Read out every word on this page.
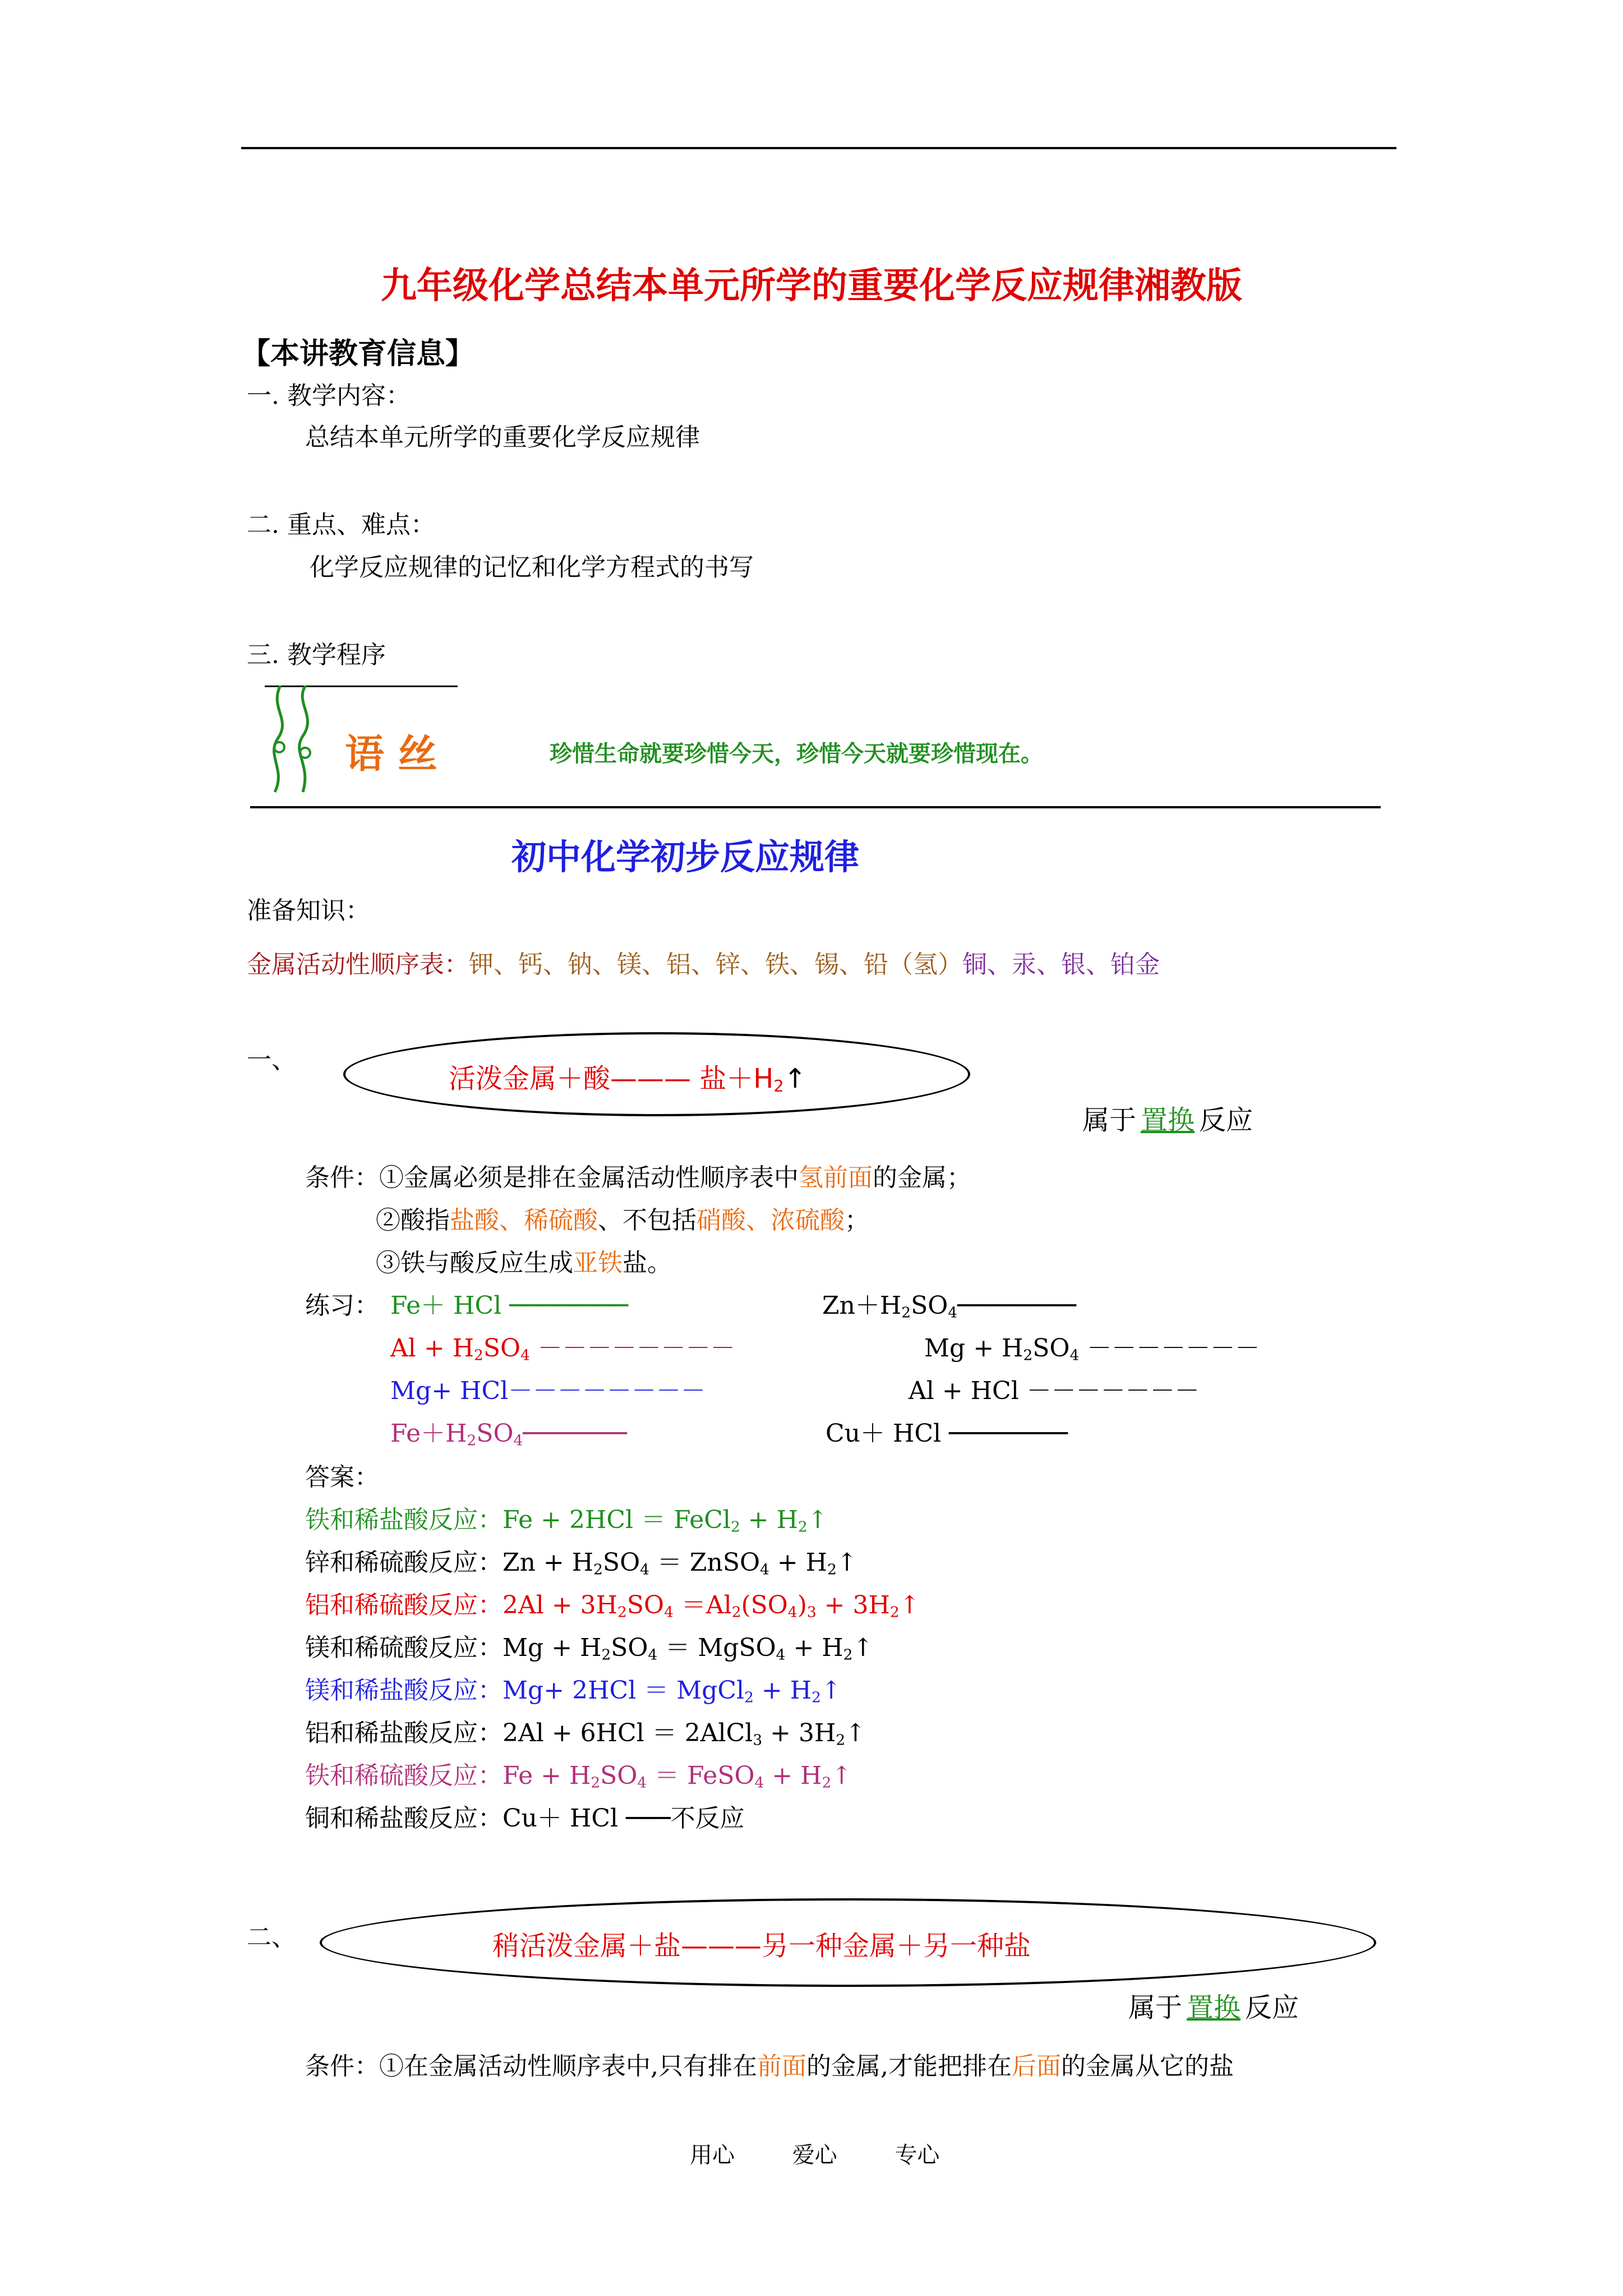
九年级化学总结本单元所学的重要化学反应规律湘教版
【本讲教育信息】
一. 教学内容：
总结本单元所学的重要化学反应规律
二. 重点、难点：
化学反应规律的记忆和化学方程式的书写
三. 教学程序
语 丝	珍惜生命就要珍惜今天，珍惜今天就要珍惜现在。
初中化学初步反应规律
准备知识：
金属活动性顺序表：钾、钙、钠、镁、铝、锌、铁、锡、铅（氢）铜、汞、银、铂金
一、
活泼金属＋酸——— 盐$+H_2↑$
属于 置换 反应
条件：①金属必须是排在金属活动性顺序表中氢前面的金属；
②酸指盐酸、稀硫酸、不包括硝酸、浓硫酸；
③铁与酸反应生成亚铁盐。
练习： Fe＋ HCl ────────	$Zn+H_2SO_4────────$
$Al + H_2SO_4$ －－－－－－－－	$Mg + H_2SO_4$ －－－－－－－
Mg+ HCl－－－－－－－－	Al + HCl －－－－－－－
$Fe+H_2SO_4───────$	Cu＋ HCl ────────
答案：
铁和稀盐酸反应：Fe + 2HCl ＝ FeCl$_2$ + $H_2↑$
锌和稀硫酸反应：$Zn + H_2SO_4$ ＝ ZnSO$_4$ + $H_2↑$
铝和稀硫酸反应：$2Al + 3H_2SO_4 =Al_2(SO_4)_3$ + $3H_2↑$
镁和稀硫酸反应：$Mg + H_2SO_4$ ＝ MgSO$_4$ + $H_2↑$
镁和稀盐酸反应：Mg+ 2HCl ＝ MgCl$_2$ + $H_2↑$
铝和稀盐酸反应：2Al + 6HCl ＝ 2AlCl$_3$ + $3H_2↑$
铁和稀硫酸反应：$Fe + H_2SO_4$ ＝ FeSO$_4$ + $H_2↑$
铜和稀盐酸反应：Cu＋ HCl ───不反应
二、	稍活泼金属＋盐———另一种金属＋另一种盐
属于 置换 反应
条件：①在金属活动性顺序表中,只有排在前面的金属,才能把排在后面的金属从它的盐
用心	爱心	专心
